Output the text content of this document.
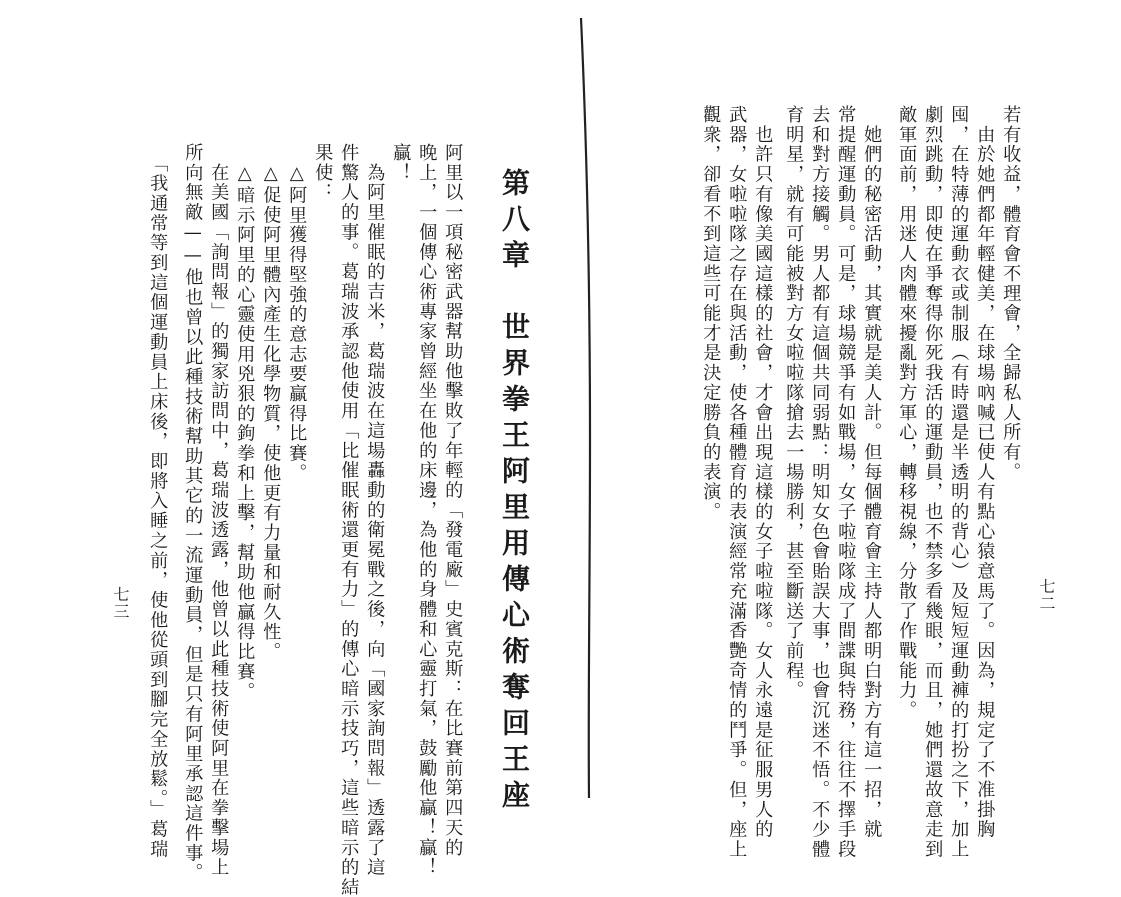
第八章　世界拳王阿里用傳心術奪回王座
阿里以一項秘密武器幫助他擊敗了年輕的「發電廠」史賓克斯：在比賽前第四天的
晚上，一個傳心術專家曾經坐在他的床邊，為他的身體和心靈打氣，鼓勵他贏！贏！
贏！
　為阿里催眠的吉米，葛瑞波在這場轟動的衛冕戰之後，向「國家詢問報」透露了這
件驚人的事。葛瑞波承認他使用「比催眠術還更有力」的傳心暗示技巧，這些暗示的結
果使：
　△阿里獲得堅強的意志要贏得比賽。
　△促使阿里體內產生化學物質，使他更有力量和耐久性。
　△暗示阿里的心靈使用兇狠的鉤拳和上擊，幫助他贏得比賽。
　在美國「詢問報」的獨家訪問中，葛瑞波透露，他曾以此種技術使阿里在拳擊場上
所向無敵——他也曾以此種技術幫助其它的一流運動員，但是只有阿里承認這件事。
　「我通常等到這個運動員上床後，即將入睡之前，使他從頭到腳完全放鬆。」葛瑞
七三
若有收益，體育會不理會，全歸私人所有。
　由於她們都年輕健美，在球場吶喊已使人有點心猿意馬了。因為，規定了不准掛胸
囤，在特薄的運動衣或制服（有時還是半透明的背心）及短短運動褲的打扮之下，加上
劇烈跳動，即使在爭奪得你死我活的運動員，也不禁多看幾眼，而且，她們還故意走到
敵軍面前，用迷人肉體來擾亂對方軍心，轉移視線，分散了作戰能力。
　她們的秘密活動，其實就是美人計。但每個體育會主持人都明白對方有這一招，就
常提醒運動員。可是，球場競爭有如戰場，女子啦啦隊成了間諜與特務，往往不擇手段
去和對方接觸。男人都有這個共同弱點：明知女色會貽誤大事，也會沉迷不悟。不少體
育明星，就有可能被對方女啦啦隊搶去一場勝利，甚至斷送了前程。
　也許只有像美國這樣的社會，才會出現這樣的女子啦啦隊。女人永遠是征服男人的
武器，女啦啦隊之存在與活動，使各種體育的表演經常充滿香艷奇情的鬥爭。但，座上
觀衆，卻看不到這些可能才是決定勝負的表演。
七二
